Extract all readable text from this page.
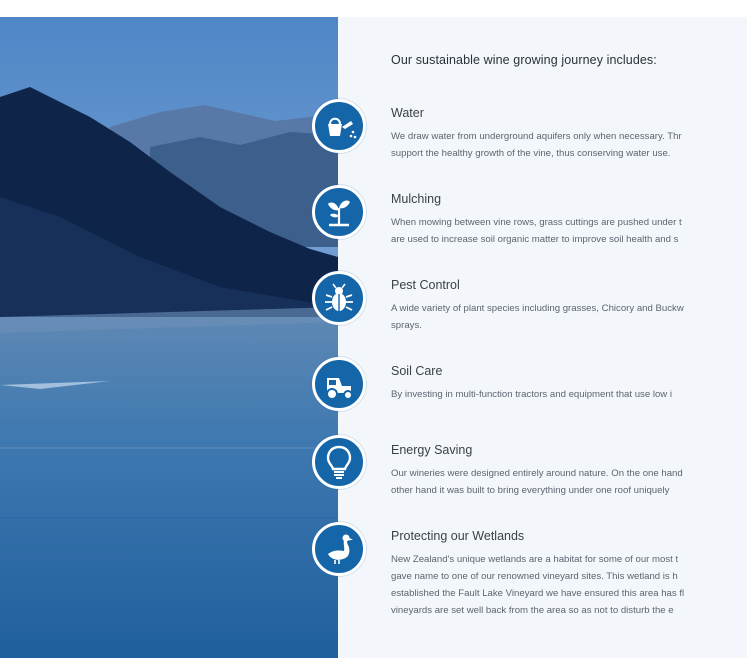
Our sustainable wine growing journey includes:
Water
We draw water from underground aquifers only when necessary. Thr
support the healthy growth of the vine, thus conserving water use.
Mulching
When mowing between vine rows, grass cuttings are pushed under t
are used to increase soil organic matter to improve soil health and s
Pest Control
A wide variety of plant species including grasses, Chicory and Buckw
sprays.
Soil Care
By investing in multi-function tractors and equipment that use low i
Energy Saving
Our wineries were designed entirely around nature. On the one hand
other hand it was built to bring everything under one roof uniquely
Protecting our Wetlands
New Zealand's unique wetlands are a habitat for some of our most t
gave name to one of our renowned vineyard sites. This wetland is h
established the Fault Lake Vineyard we have ensured this area has fl
vineyards are set well back from the area so as not to disturb the e
